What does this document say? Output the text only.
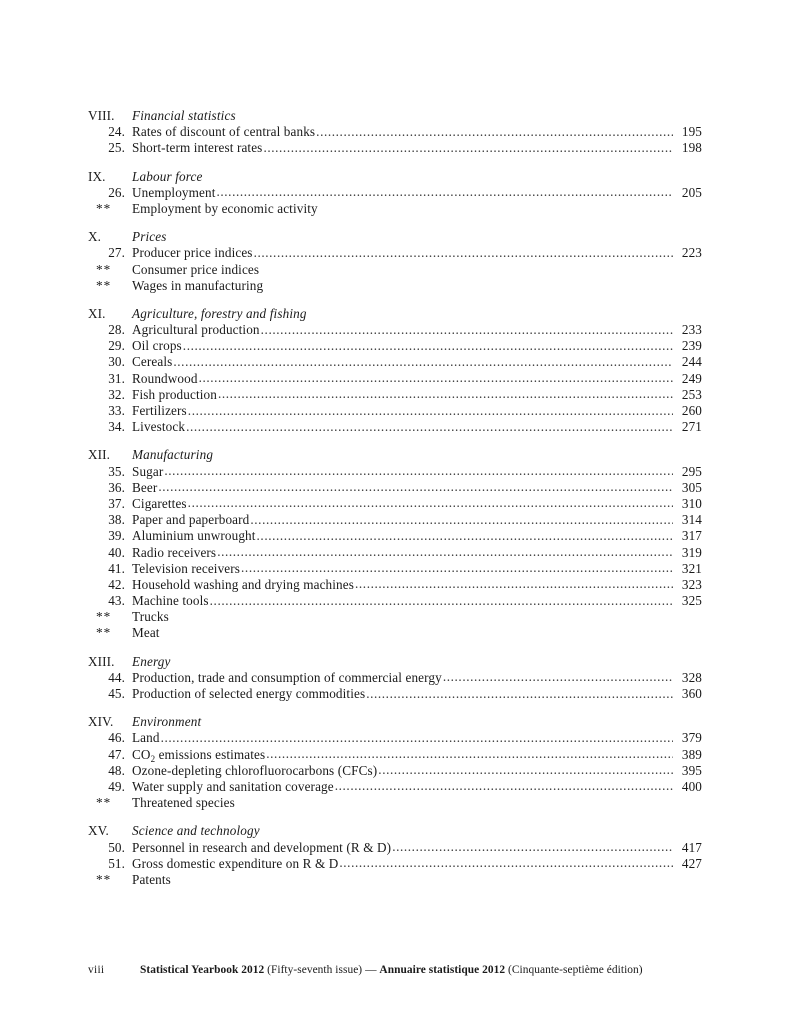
VIII.	Financial statistics
24. Rates of discount of central banks .....	195
25. Short-term interest rates .....	198
IX.	Labour force
26. Unemployment .....	205
**	Employment by economic activity
X.	Prices
27. Producer price indices .....	223
**	Consumer price indices
**	Wages in manufacturing
XI.	Agriculture, forestry and fishing
28. Agricultural production .....	233
29. Oil crops .....	239
30. Cereals .....	244
31. Roundwood .....	249
32. Fish production .....	253
33. Fertilizers .....	260
34. Livestock .....	271
XII.	Manufacturing
35. Sugar .....	295
36. Beer .....	305
37. Cigarettes .....	310
38. Paper and paperboard .....	314
39. Aluminium unwrought .....	317
40. Radio receivers .....	319
41. Television receivers .....	321
42. Household washing and drying machines .....	323
43. Machine tools .....	325
**	Trucks
**	Meat
XIII.	Energy
44. Production, trade and consumption of commercial energy .....	328
45. Production of selected energy commodities .....	360
XIV.	Environment
46. Land .....	379
47. $CO_2$ emissions estimates .....	389
48. Ozone-depleting chlorofluorocarbons (CFCs) .....	395
49. Water supply and sanitation coverage .....	400
**	Threatened species
XV.	Science and technology
50. Personnel in research and development (R & D) .....	417
51. Gross domestic expenditure on R & D .....	427
**	Patents
viii	Statistical Yearbook 2012 (Fifty-seventh issue) — Annuaire statistique 2012 (Cinquante-septième édition)
